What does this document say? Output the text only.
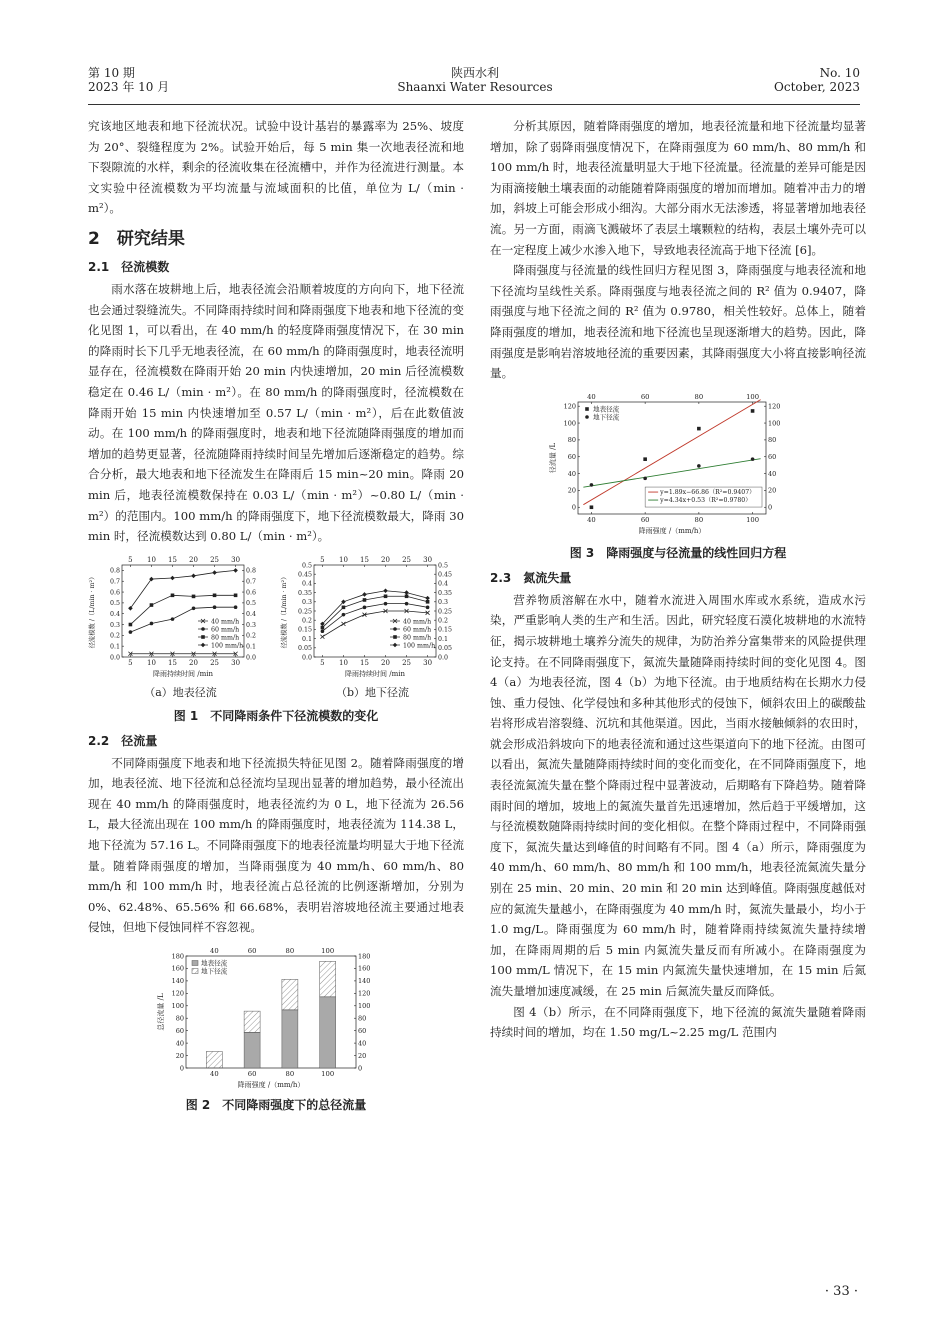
第 10 期
2023 年 10 月
陕西水利
Shaanxi Water Resources
No. 10
October, 2023

究该地区地表和地下径流状况。试验中设计基岩的暴露率为 25%、坡度为 20°、裂缝程度为 2%。试验开始后，每 5 min 集一次地表径流和地下裂隙流的水样，剩余的径流收集在径流槽中，并作为径流进行测量。本文实验中径流模数为平均流量与流域面积的比值，单位为 L/（min · m²）。

2　研究结果
2.1　径流模数

雨水落在坡耕地上后，地表径流会沿顺着坡度的方向向下，地下径流也会通过裂缝流失。不同降雨持续时间和降雨强度下地表和地下径流的变化见图 1，可以看出，在 40 mm/h 的轻度降雨强度情况下，在 30 min 的降雨时长下几乎无地表径流，在 60 mm/h 的降雨强度时，地表径流明显存在，径流模数在降雨开始 20 min 内快速增加，20 min 后径流模数稳定在 0.46 L/（min · m²）。在 80 mm/h 的降雨强度时，径流模数在降雨开始 15 min 内快速增加至 0.57 L/（min · m²），后在此数值波动。在 100 mm/h 的降雨强度时，地表和地下径流随降雨强度的增加而增加的趋势更显著，径流随降雨持续时间呈先增加后逐渐稳定的趋势。综合分析，最大地表和地下径流发生在降雨后 15 min~20 min。降雨 20 min 后，地表径流模数保持在 0.03 L/（min · m²）~0.80 L/（min · m²）的范围内。100 mm/h 的降雨强度下，地下径流模数最大，降雨 30 min 时，径流模数达到 0.80 L/（min · m²）。

5
5
10
10
15
15
20
20
25
25
30
30
0.0	0.0
0.1	0.1
0.2	0.2
0.3	0.3
0.4	0.4
0.5	0.5
0.6	0.6
0.7	0.7
0.8	0.8
降雨持续时间 /min
径流模数 /（L/min · m²）	40 mm/h
60 mm/h
80 mm/h
100 mm/h
5
5
10
10
15
15
20
20
25
25
30
30
0.0	0.0
0.05	0.05
0.1	0.1
0.15	0.15
0.2	0.2
0.25	0.25
0.3	0.3
0.35	0.35
0.4	0.4
0.45	0.45
0.5	0.5
降雨持续时间 /min
径流模数 /（L/min · m²）	40 mm/h
60 mm/h
80 mm/h
100 mm/h
（a）地表径流	（b）地下径流
图 1　不同降雨条件下径流模数的变化
2.2　径流量

不同降雨强度下地表和地下径流损失特征见图 2。随着降雨强度的增加，地表径流、地下径流和总径流均呈现出显著的增加趋势，最小径流出现在 40 mm/h 的降雨强度时，地表径流约为 0 L，地下径流为 26.56 L，最大径流出现在 100 mm/h 的降雨强度时，地表径流为 114.38 L，地下径流为 57.16 L。不同降雨强度下的地表径流量均明显大于地下径流量。随着降雨强度的增加，当降雨强度为 40 mm/h、60 mm/h、80 mm/h 和 100 mm/h 时，地表径流占总径流的比例逐渐增加，分别为 0%、62.48%、65.56% 和 66.68%，表明岩溶坡地径流主要通过地表侵蚀，但地下侵蚀同样不容忽视。

0	0
20	20
40	40
60	60
80	80
100	100
120	120
140	140
160	160
180	180
40
40
60
60
80
80
100
100
降雨强度 /（mm/h）
总径流量 /L
地表径流
地下径流
图 2　不同降雨强度下的总径流量

分析其原因，随着降雨强度的增加，地表径流量和地下径流量均显著增加，除了弱降雨强度情况下，在降雨强度为 60 mm/h、80 mm/h 和 100 mm/h 时，地表径流量明显大于地下径流量。径流量的差异可能是因为雨滴接触土壤表面的动能随着降雨强度的增加而增加。随着冲击力的增加，斜坡上可能会形成小细沟。大部分雨水无法渗透，将显著增加地表径流。另一方面，雨滴飞溅破坏了表层土壤颗粒的结构，表层土壤外壳可以在一定程度上减少水渗入地下，导致地表径流高于地下径流 [6]。

降雨强度与径流量的线性回归方程见图 3，降雨强度与地表径流和地下径流均呈线性关系。降雨强度与地表径流之间的 R² 值为 0.9407，降雨强度与地下径流之间的 R² 值为 0.9780，相关性较好。总体上，随着降雨强度的增加，地表径流和地下径流也呈现逐渐增大的趋势。因此，降雨强度是影响岩溶坡地径流的重要因素，其降雨强度大小将直接影响径流量。

40
40
60
60
80
80
100
100
0	0
20	20
40	40
60	60
80	80
100	100
120	120
降雨强度 /（mm/h）
径流量 /L
地表径流
地下径流
y=1.89x−66.86（R²=0.9407）
y=4.34x+0.53（R²=0.9780）
图 3　降雨强度与径流量的线性回归方程
2.3　氮流失量

营养物质溶解在水中，随着水流进入周围水库或水系统，造成水污染，严重影响人类的生产和生活。因此，研究轻度石漠化坡耕地的水流特征，揭示坡耕地土壤养分流失的规律，为防治养分富集带来的风险提供理论支持。在不同降雨强度下，氮流失量随降雨持续时间的变化见图 4。图 4（a）为地表径流，图 4（b）为地下径流。由于地质结构在长期水力侵蚀、重力侵蚀、化学侵蚀和多种其他形式的侵蚀下，倾斜农田上的碳酸盐岩将形成岩溶裂缝、沉坑和其他渠道。因此，当雨水接触倾斜的农田时，就会形成沿斜坡向下的地表径流和通过这些渠道向下的地下径流。由图可以看出，氮流失量随降雨持续时间的变化而变化，在不同降雨强度下，地表径流氮流失量在整个降雨过程中显著波动，后期略有下降趋势。随着降雨时间的增加，坡地上的氮流失量首先迅速增加，然后趋于平缓增加，这与径流模数随降雨持续时间的变化相似。在整个降雨过程中，不同降雨强度下，氮流失量达到峰值的时间略有不同。图 4（a）所示，降雨强度为 40 mm/h、60 mm/h、80 mm/h 和 100 mm/h，地表径流氮流失量分别在 25 min、20 min、20 min 和 20 min 达到峰值。降雨强度越低对应的氮流失量越小，在降雨强度为 40 mm/h 时，氮流失量最小，均小于 1.0 mg/L。降雨强度为 60 mm/h 时，随着降雨持续氮流失量持续增加，在降雨周期的后 5 min 内氮流失量反而有所减小。在降雨强度为 100 mm/L 情况下，在 15 min 内氮流失量快速增加，在 15 min 后氮流失量增加速度减缓，在 25 min 后氮流失量反而降低。

图 4（b）所示，在不同降雨强度下，地下径流的氮流失量随着降雨持续时间的增加，均在 1.50 mg/L~2.25 mg/L 范围内

· 33 ·
